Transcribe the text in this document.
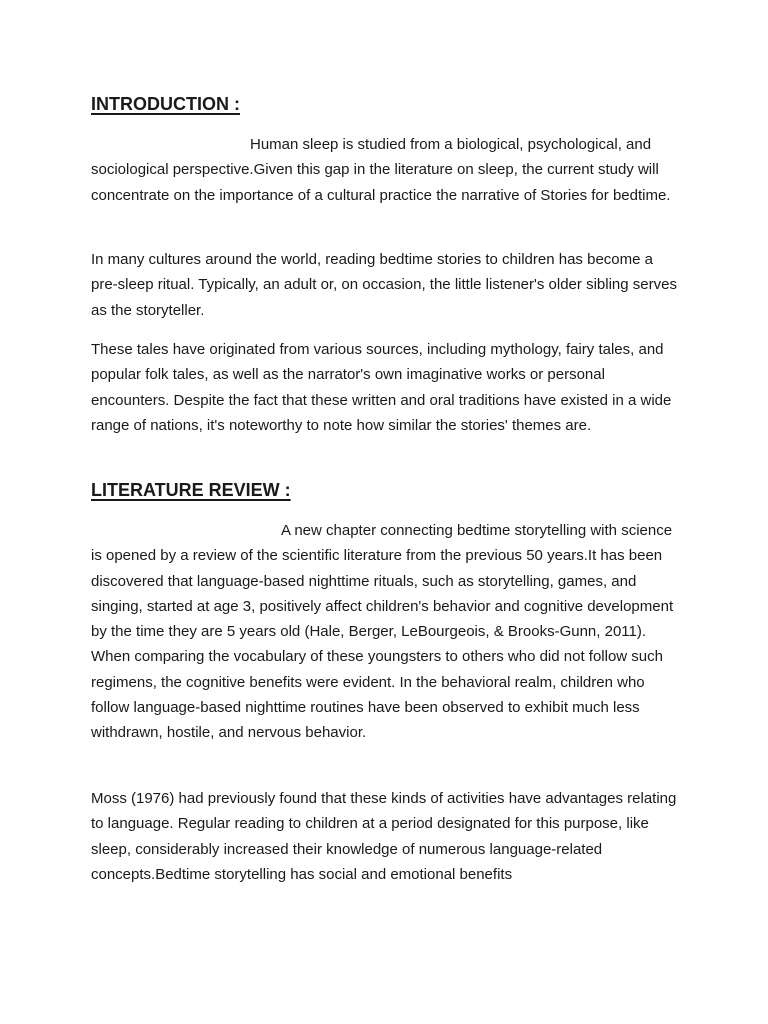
INTRODUCTION :

Human sleep is studied from a biological, psychological, and sociological perspective.Given this gap in the literature on sleep, the current study will concentrate on the importance of a cultural practice the narrative of Stories for bedtime.

In many cultures around the world, reading bedtime stories to children has become a pre-sleep ritual. Typically, an adult or, on occasion, the little listener's older sibling serves as the storyteller.

These tales have originated from various sources, including mythology, fairy tales, and popular folk tales, as well as the narrator's own imaginative works or personal encounters. Despite the fact that these written and oral traditions have existed in a wide range of nations, it's noteworthy to note how similar the stories' themes are.

LITERATURE REVIEW :

A new chapter connecting bedtime storytelling with science is opened by a review of the scientific literature from the previous 50 years.It has been discovered that language-based nighttime rituals, such as storytelling, games, and singing, started at age 3, positively affect children's behavior and cognitive development by the time they are 5 years old (Hale, Berger, LeBourgeois, & Brooks-Gunn, 2011). When comparing the vocabulary of these youngsters to others who did not follow such regimens, the cognitive benefits were evident. In the behavioral realm, children who follow language-based nighttime routines have been observed to exhibit much less withdrawn, hostile, and nervous behavior.

Moss (1976) had previously found that these kinds of activities have advantages relating to language. Regular reading to children at a period designated for this purpose, like sleep, considerably increased their knowledge of numerous language-related concepts.Bedtime storytelling has social and emotional benefits
